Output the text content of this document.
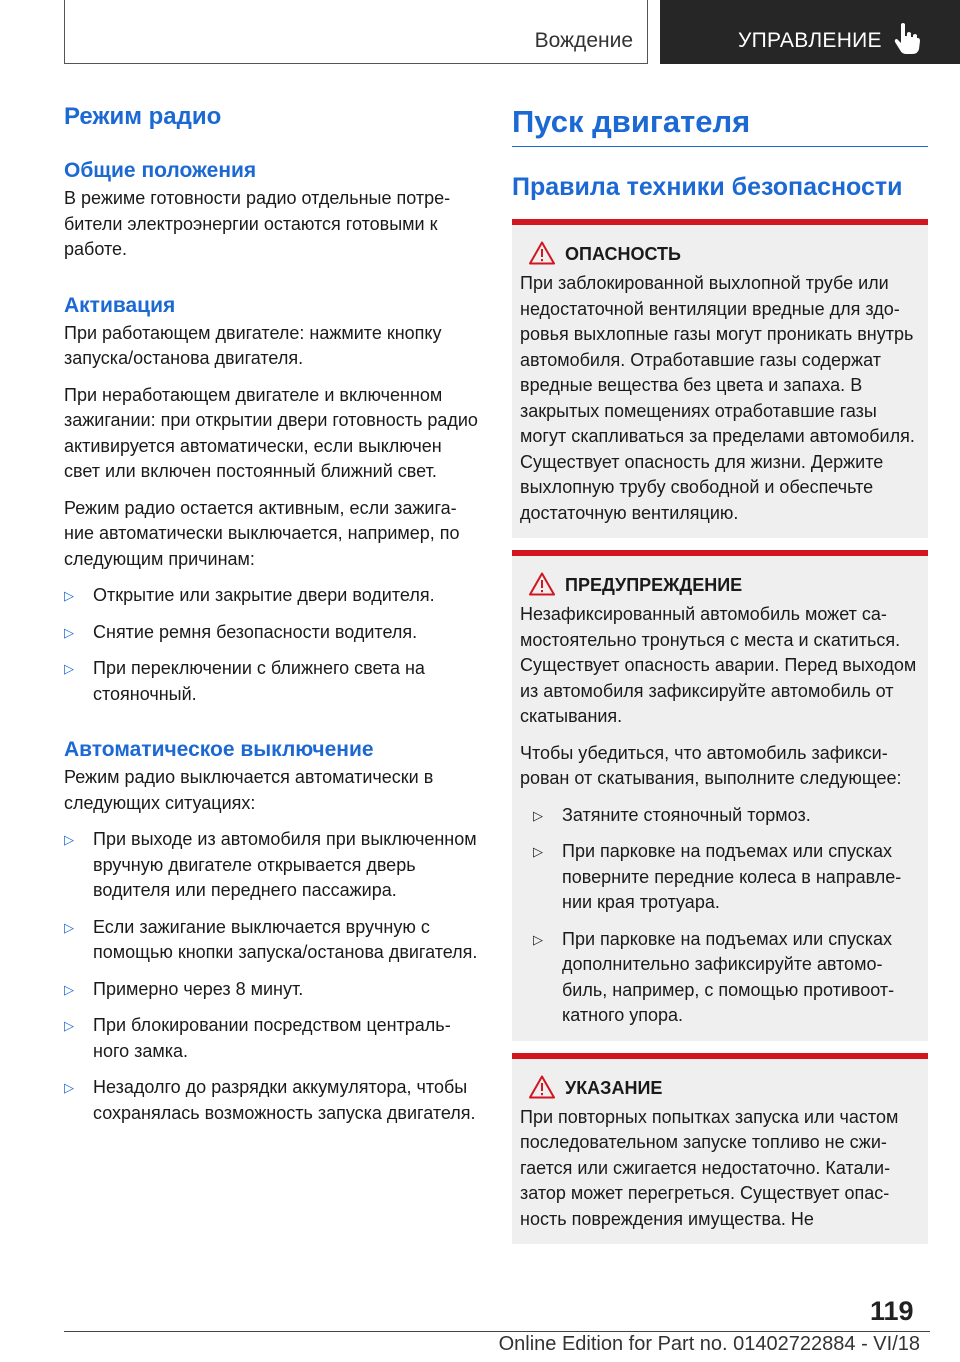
Вождение	УПРАВЛЕНИЕ
Режим радио
Общие положения

В режиме готовности радио отдельные потребители электроэнергии остаются готовыми к работе.

Активация

При работающем двигателе: нажмите кнопку запуска/останова двигателя.

При неработающем двигателе и включенном зажигании: при открытии двери готовность радио активируется автоматически, если выключен свет или включен постоянный ближний свет.

Режим радио остается активным, если зажигание автоматически выключается, например, по следующим причинам:

▷ Открытие или закрытие двери водителя.
▷ Снятие ремня безопасности водителя.
▷ При переключении с ближнего света на стояночный.
Автоматическое выключение

Режим радио выключается автоматически в следующих ситуациях:

▷ При выходе из автомобиля при выключенном вручную двигателе открывается дверь водителя или переднего пассажира.
▷ Если зажигание выключается вручную с помощью кнопки запуска/останова двигателя.
▷ Примерно через 8 минут.
▷ При блокировании посредством центрального замка.
▷ Незадолго до разрядки аккумулятора, чтобы сохранялась возможность запуска двигателя.
Пуск двигателя
Правила техники безопасности
ОПАСНОСТЬ

При заблокированной выхлопной трубе или недостаточной вентиляции вредные для здоровья выхлопные газы могут проникать внутрь автомобиля. Отработавшие газы содержат вредные вещества без цвета и запаха. В закрытых помещениях отработавшие газы могут скапливаться за пределами автомобиля. Существует опасность для жизни. Держите выхлопную трубу свободной и обеспечьте достаточную вентиляцию.

ПРЕДУПРЕЖДЕНИЕ

Незафиксированный автомобиль может самостоятельно тронуться с места и скатиться. Существует опасность аварии. Перед выходом из автомобиля зафиксируйте автомобиль от скатывания.

Чтобы убедиться, что автомобиль зафиксирован от скатывания, выполните следующее:

▷ Затяните стояночный тормоз.
▷ При парковке на подъемах или спусках поверните передние колеса в направлении края тротуара.
▷ При парковке на подъемах или спусках дополнительно зафиксируйте автомобиль, например, с помощью противооткатного упора.
УКАЗАНИЕ

При повторных попытках запуска или частом последовательном запуске топливо не сжигается или сжигается недостаточно. Катализатор может перегреться. Существует опасность повреждения имущества. Не

119
Online Edition for Part no. 01402722884 - VI/18
